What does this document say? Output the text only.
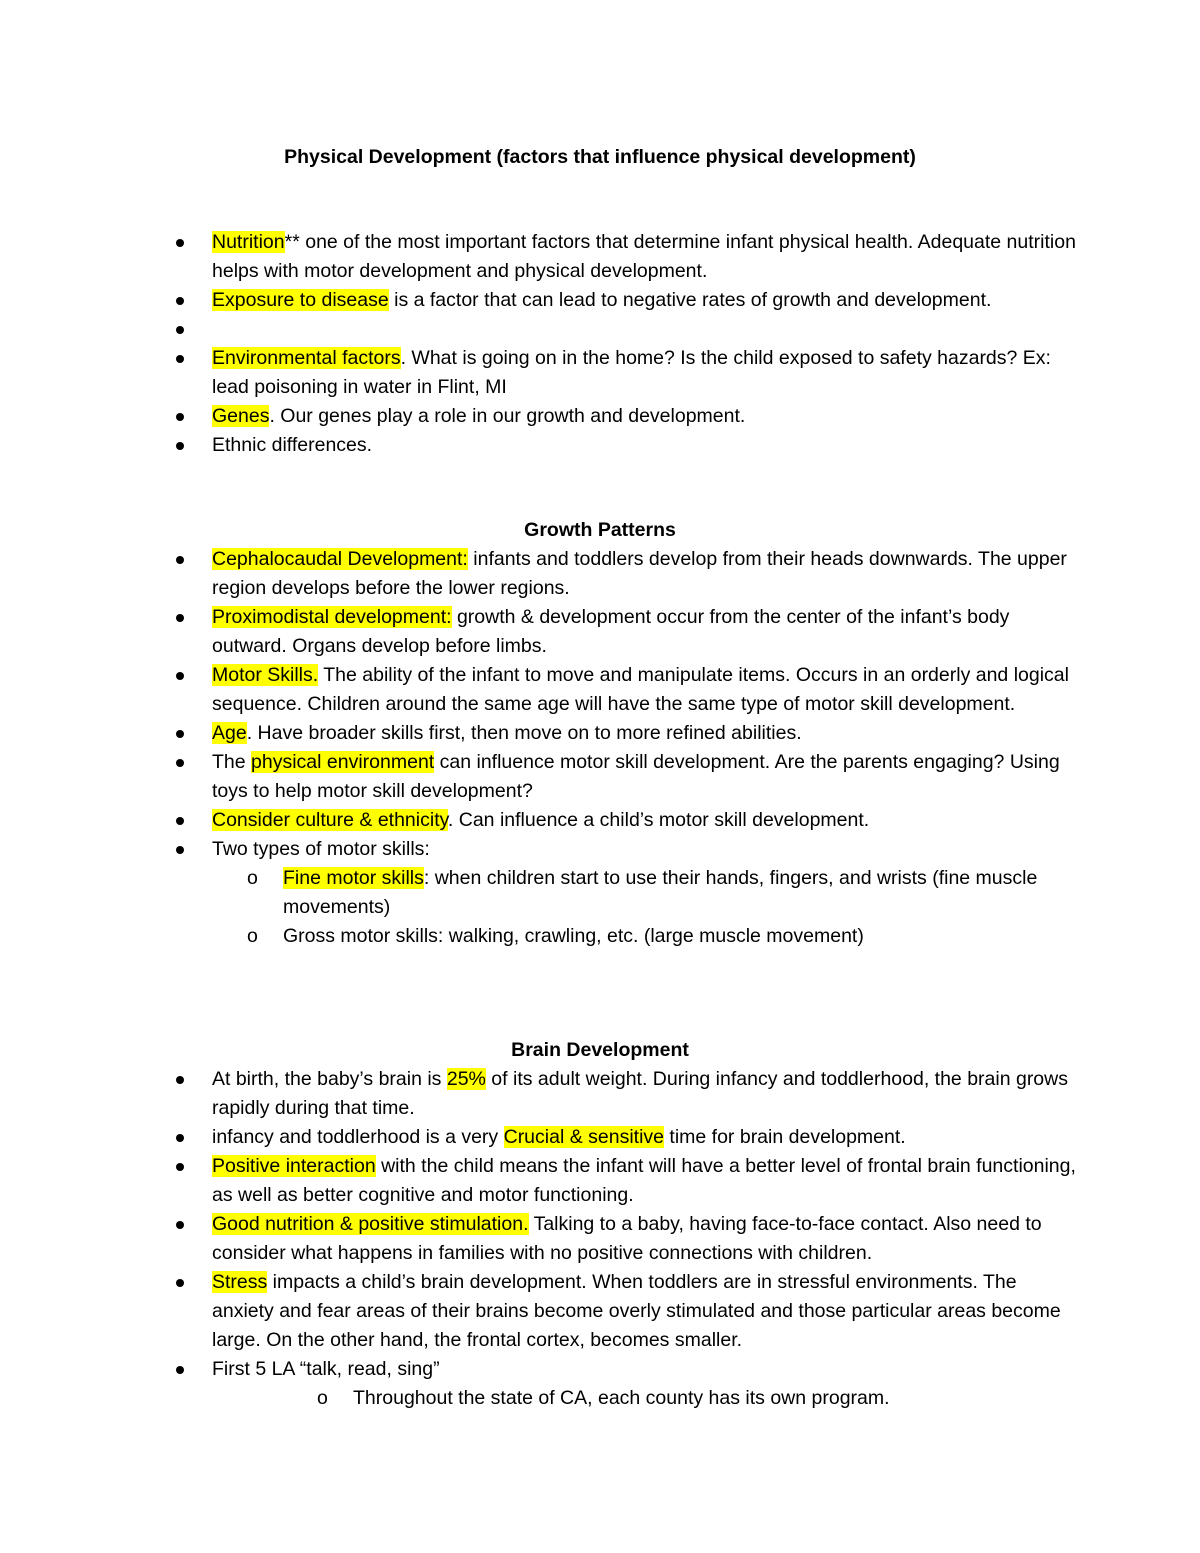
Physical Development (factors that influence physical development)
Nutrition** one of the most important factors that determine infant physical health. Adequate nutrition helps with motor development and physical development.
Exposure to disease is a factor that can lead to negative rates of growth and development.
Environmental factors. What is going on in the home? Is the child exposed to safety hazards? Ex: lead poisoning in water in Flint, MI
Genes. Our genes play a role in our growth and development.
Ethnic differences.
Growth Patterns
Cephalocaudal Development: infants and toddlers develop from their heads downwards. The upper region develops before the lower regions.
Proximodistal development: growth & development occur from the center of the infant’s body outward. Organs develop before limbs.
Motor Skills. The ability of the infant to move and manipulate items. Occurs in an orderly and logical sequence. Children around the same age will have the same type of motor skill development.
Age. Have broader skills first, then move on to more refined abilities.
The physical environment can influence motor skill development. Are the parents engaging? Using toys to help motor skill development?
Consider culture & ethnicity. Can influence a child’s motor skill development.
Two types of motor skills:
o Fine motor skills: when children start to use their hands, fingers, and wrists (fine muscle movements)
o Gross motor skills: walking, crawling, etc. (large muscle movement)
Brain Development
At birth, the baby’s brain is 25% of its adult weight. During infancy and toddlerhood, the brain grows rapidly during that time.
infancy and toddlerhood is a very Crucial & sensitive time for brain development.
Positive interaction with the child means the infant will have a better level of frontal brain functioning, as well as better cognitive and motor functioning.
Good nutrition & positive stimulation. Talking to a baby, having face-to-face contact. Also need to consider what happens in families with no positive connections with children.
Stress impacts a child’s brain development. When toddlers are in stressful environments. The anxiety and fear areas of their brains become overly stimulated and those particular areas become large. On the other hand, the frontal cortex, becomes smaller.
First 5 LA “talk, read, sing”
o Throughout the state of CA, each county has its own program.
